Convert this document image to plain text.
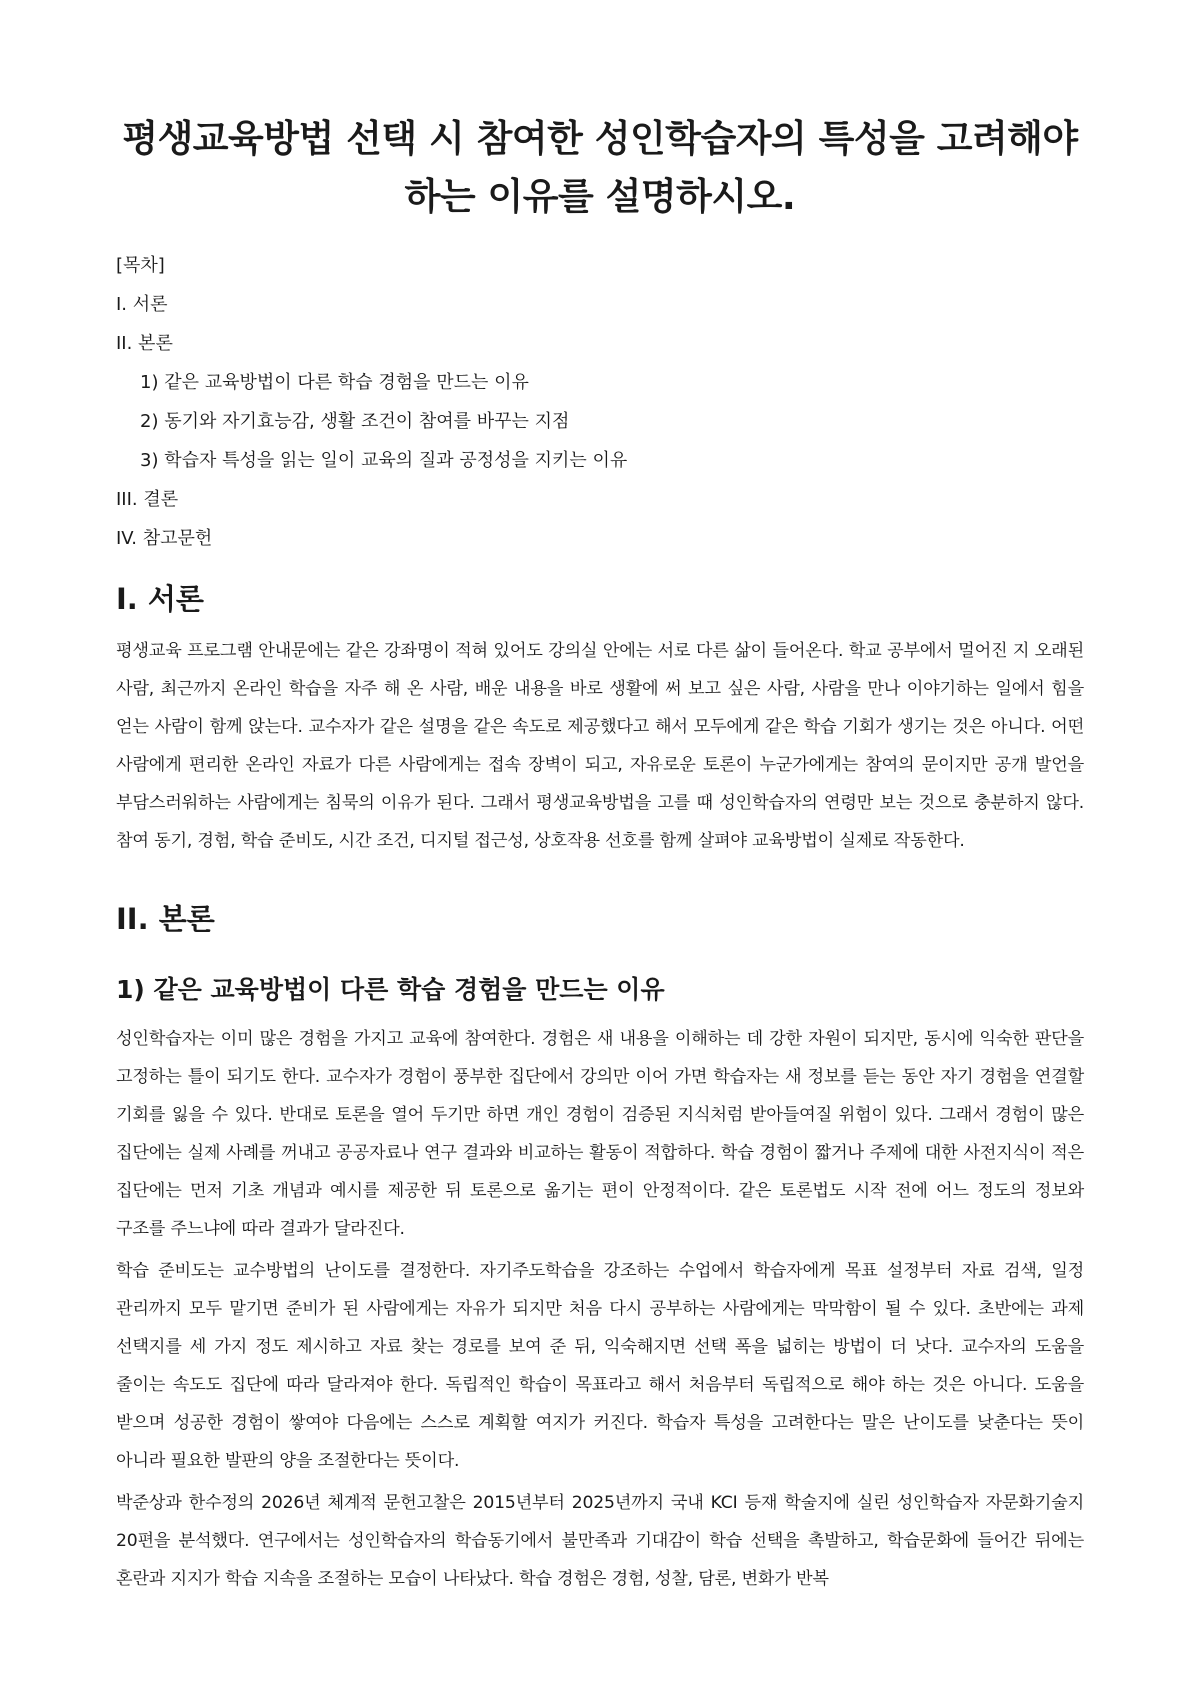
평생교육방법 선택 시 참여한 성인학습자의 특성을 고려해야 하는 이유를 설명하시오.
[목차]
I. 서론
II. 본론
1) 같은 교육방법이 다른 학습 경험을 만드는 이유
2) 동기와 자기효능감, 생활 조건이 참여를 바꾸는 지점
3) 학습자 특성을 읽는 일이 교육의 질과 공정성을 지키는 이유
III. 결론
IV. 참고문헌
I. 서론

평생교육 프로그램 안내문에는 같은 강좌명이 적혀 있어도 강의실 안에는 서로 다른 삶이 들어온다. 학교 공부에서 멀어진 지 오래된 사람, 최근까지 온라인 학습을 자주 해 온 사람, 배운 내용을 바로 생활에 써 보고 싶은 사람, 사람을 만나 이야기하는 일에서 힘을 얻는 사람이 함께 앉는다. 교수자가 같은 설명을 같은 속도로 제공했다고 해서 모두에게 같은 학습 기회가 생기는 것은 아니다. 어떤 사람에게 편리한 온라인 자료가 다른 사람에게는 접속 장벽이 되고, 자유로운 토론이 누군가에게는 참여의 문이지만 공개 발언을 부담스러워하는 사람에게는 침묵의 이유가 된다. 그래서 평생교육방법을 고를 때 성인학습자의 연령만 보는 것으로 충분하지 않다. 참여 동기, 경험, 학습 준비도, 시간 조건, 디지털 접근성, 상호작용 선호를 함께 살펴야 교육방법이 실제로 작동한다.

II. 본론
1) 같은 교육방법이 다른 학습 경험을 만드는 이유

성인학습자는 이미 많은 경험을 가지고 교육에 참여한다. 경험은 새 내용을 이해하는 데 강한 자원이 되지만, 동시에 익숙한 판단을 고정하는 틀이 되기도 한다. 교수자가 경험이 풍부한 집단에서 강의만 이어 가면 학습자는 새 정보를 듣는 동안 자기 경험을 연결할 기회를 잃을 수 있다. 반대로 토론을 열어 두기만 하면 개인 경험이 검증된 지식처럼 받아들여질 위험이 있다. 그래서 경험이 많은 집단에는 실제 사례를 꺼내고 공공자료나 연구 결과와 비교하는 활동이 적합하다. 학습 경험이 짧거나 주제에 대한 사전지식이 적은 집단에는 먼저 기초 개념과 예시를 제공한 뒤 토론으로 옮기는 편이 안정적이다. 같은 토론법도 시작 전에 어느 정도의 정보와 구조를 주느냐에 따라 결과가 달라진다.

학습 준비도는 교수방법의 난이도를 결정한다. 자기주도학습을 강조하는 수업에서 학습자에게 목표 설정부터 자료 검색, 일정 관리까지 모두 맡기면 준비가 된 사람에게는 자유가 되지만 처음 다시 공부하는 사람에게는 막막함이 될 수 있다. 초반에는 과제 선택지를 세 가지 정도 제시하고 자료 찾는 경로를 보여 준 뒤, 익숙해지면 선택 폭을 넓히는 방법이 더 낫다. 교수자의 도움을 줄이는 속도도 집단에 따라 달라져야 한다. 독립적인 학습이 목표라고 해서 처음부터 독립적으로 해야 하는 것은 아니다. 도움을 받으며 성공한 경험이 쌓여야 다음에는 스스로 계획할 여지가 커진다. 학습자 특성을 고려한다는 말은 난이도를 낮춘다는 뜻이 아니라 필요한 발판의 양을 조절한다는 뜻이다.

박준상과 한수정의 2026년 체계적 문헌고찰은 2015년부터 2025년까지 국내 KCI 등재 학술지에 실린 성인학습자 자문화기술지 20편을 분석했다. 연구에서는 성인학습자의 학습동기에서 불만족과 기대감이 학습 선택을 촉발하고, 학습문화에 들어간 뒤에는 혼란과 지지가 학습 지속을 조절하는 모습이 나타났다. 학습 경험은 경험, 성찰, 담론, 변화가 반복
